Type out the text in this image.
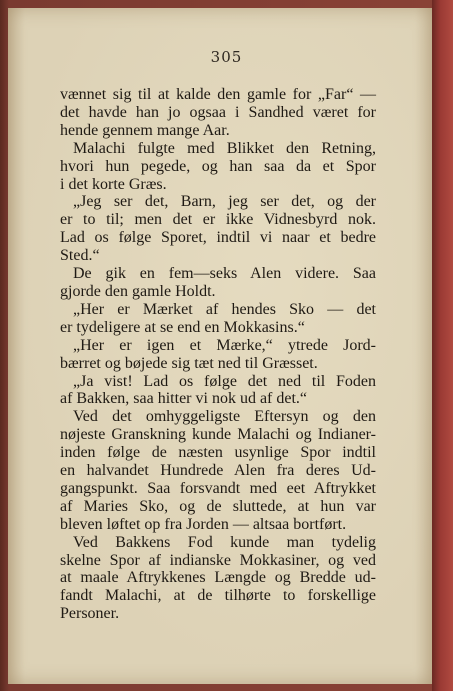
305
vænnet sig til at kalde den gamle for „Far“ —
det havde han jo ogsaa i Sandhed været for
hende gennem mange Aar.
Malachi fulgte med Blikket den Retning,
hvori hun pegede, og han saa da et Spor
i det korte Græs.
„Jeg ser det, Barn, jeg ser det, og der
er to til; men det er ikke Vidnesbyrd nok.
Lad os følge Sporet, indtil vi naar et bedre
Sted.“
De gik en fem—seks Alen videre. Saa
gjorde den gamle Holdt.
„Her er Mærket af hendes Sko — det
er tydeligere at se end en Mokkasins.“
„Her er igen et Mærke,“ ytrede Jord-
bærret og bøjede sig tæt ned til Græsset.
„Ja vist! Lad os følge det ned til Foden
af Bakken, saa hitter vi nok ud af det.“
Ved det omhyggeligste Eftersyn og den
nøjeste Granskning kunde Malachi og Indianer-
inden følge de næsten usynlige Spor indtil
en halvandet Hundrede Alen fra deres Ud-
gangspunkt. Saa forsvandt med eet Aftrykket
af Maries Sko, og de sluttede, at hun var
bleven løftet op fra Jorden — altsaa bortført.
Ved Bakkens Fod kunde man tydelig
skelne Spor af indianske Mokkasiner, og ved
at maale Aftrykkenes Længde og Bredde ud-
fandt Malachi, at de tilhørte to forskellige
Personer.
